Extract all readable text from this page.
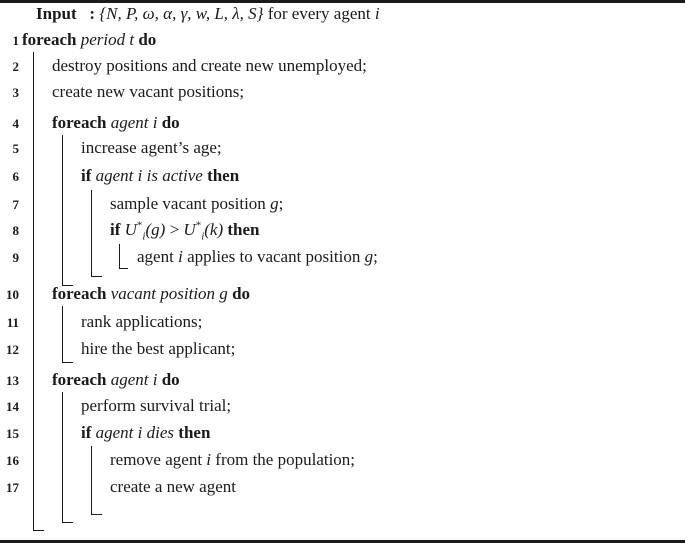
Input : {N, P, ω, α, γ, w, L, λ, S} for every agent i
1 foreach period t do
2 destroy positions and create new unemployed;
3 create new vacant positions;
4 foreach agent i do
5	increase agent’s age;
6	if agent i is active then
7	sample vacant position g;
8	if $U^*_i(g) > U^*_i(k)$ then
9	agent i applies to vacant position g;
10 foreach vacant position g do
11	rank applications;
12	hire the best applicant;
13 foreach agent i do
14	perform survival trial;
15	if agent i dies then
16	remove agent i from the population;
17	create a new agent
